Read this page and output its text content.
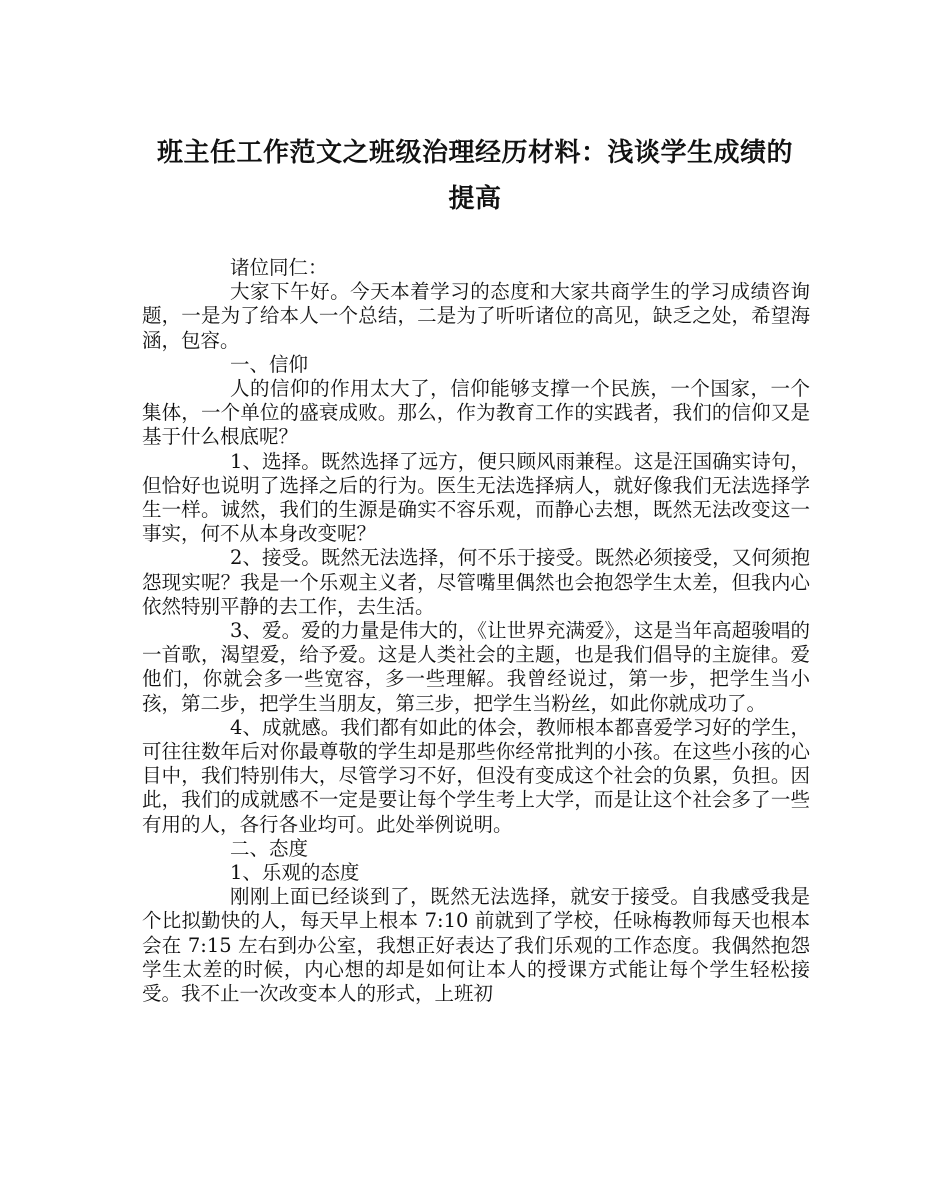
班主任工作范文之班级治理经历材料：浅谈学生成绩的
提高

诸位同仁：

大家下午好。今天本着学习的态度和大家共商学生的学习成绩咨询题，一是为了给本人一个总结，二是为了听听诸位的高见，缺乏之处，希望海涵，包容。

一、信仰

人的信仰的作用太大了，信仰能够支撑一个民族，一个国家，一个集体，一个单位的盛衰成败。那么，作为教育工作的实践者，我们的信仰又是基于什么根底呢？

1、选择。既然选择了远方，便只顾风雨兼程。这是汪国确实诗句，但恰好也说明了选择之后的行为。医生无法选择病人，就好像我们无法选择学生一样。诚然，我们的生源是确实不容乐观，而静心去想，既然无法改变这一事实，何不从本身改变呢？

2、接受。既然无法选择，何不乐于接受。既然必须接受，又何须抱怨现实呢？我是一个乐观主义者，尽管嘴里偶然也会抱怨学生太差，但我内心依然特别平静的去工作，去生活。

3、爱。爱的力量是伟大的，《让世界充满爱》，这是当年高超骏唱的一首歌，渴望爱，给予爱。这是人类社会的主题，也是我们倡导的主旋律。爱他们，你就会多一些宽容，多一些理解。我曾经说过，第一步，把学生当小孩，第二步，把学生当朋友，第三步，把学生当粉丝，如此你就成功了。

4、成就感。我们都有如此的体会，教师根本都喜爱学习好的学生，可往往数年后对你最尊敬的学生却是那些你经常批判的小孩。在这些小孩的心目中，我们特别伟大，尽管学习不好，但没有变成这个社会的负累，负担。因此，我们的成就感不一定是要让每个学生考上大学，而是让这个社会多了一些有用的人，各行各业均可。此处举例说明。

二、态度

1、乐观的态度

刚刚上面已经谈到了，既然无法选择，就安于接受。自我感受我是个比拟勤快的人，每天早上根本 7:10 前就到了学校，任咏梅教师每天也根本会在 7:15 左右到办公室，我想正好表达了我们乐观的工作态度。我偶然抱怨学生太差的时候，内心想的却是如何让本人的授课方式能让每个学生轻松接受。我不止一次改变本人的形式，上班初
